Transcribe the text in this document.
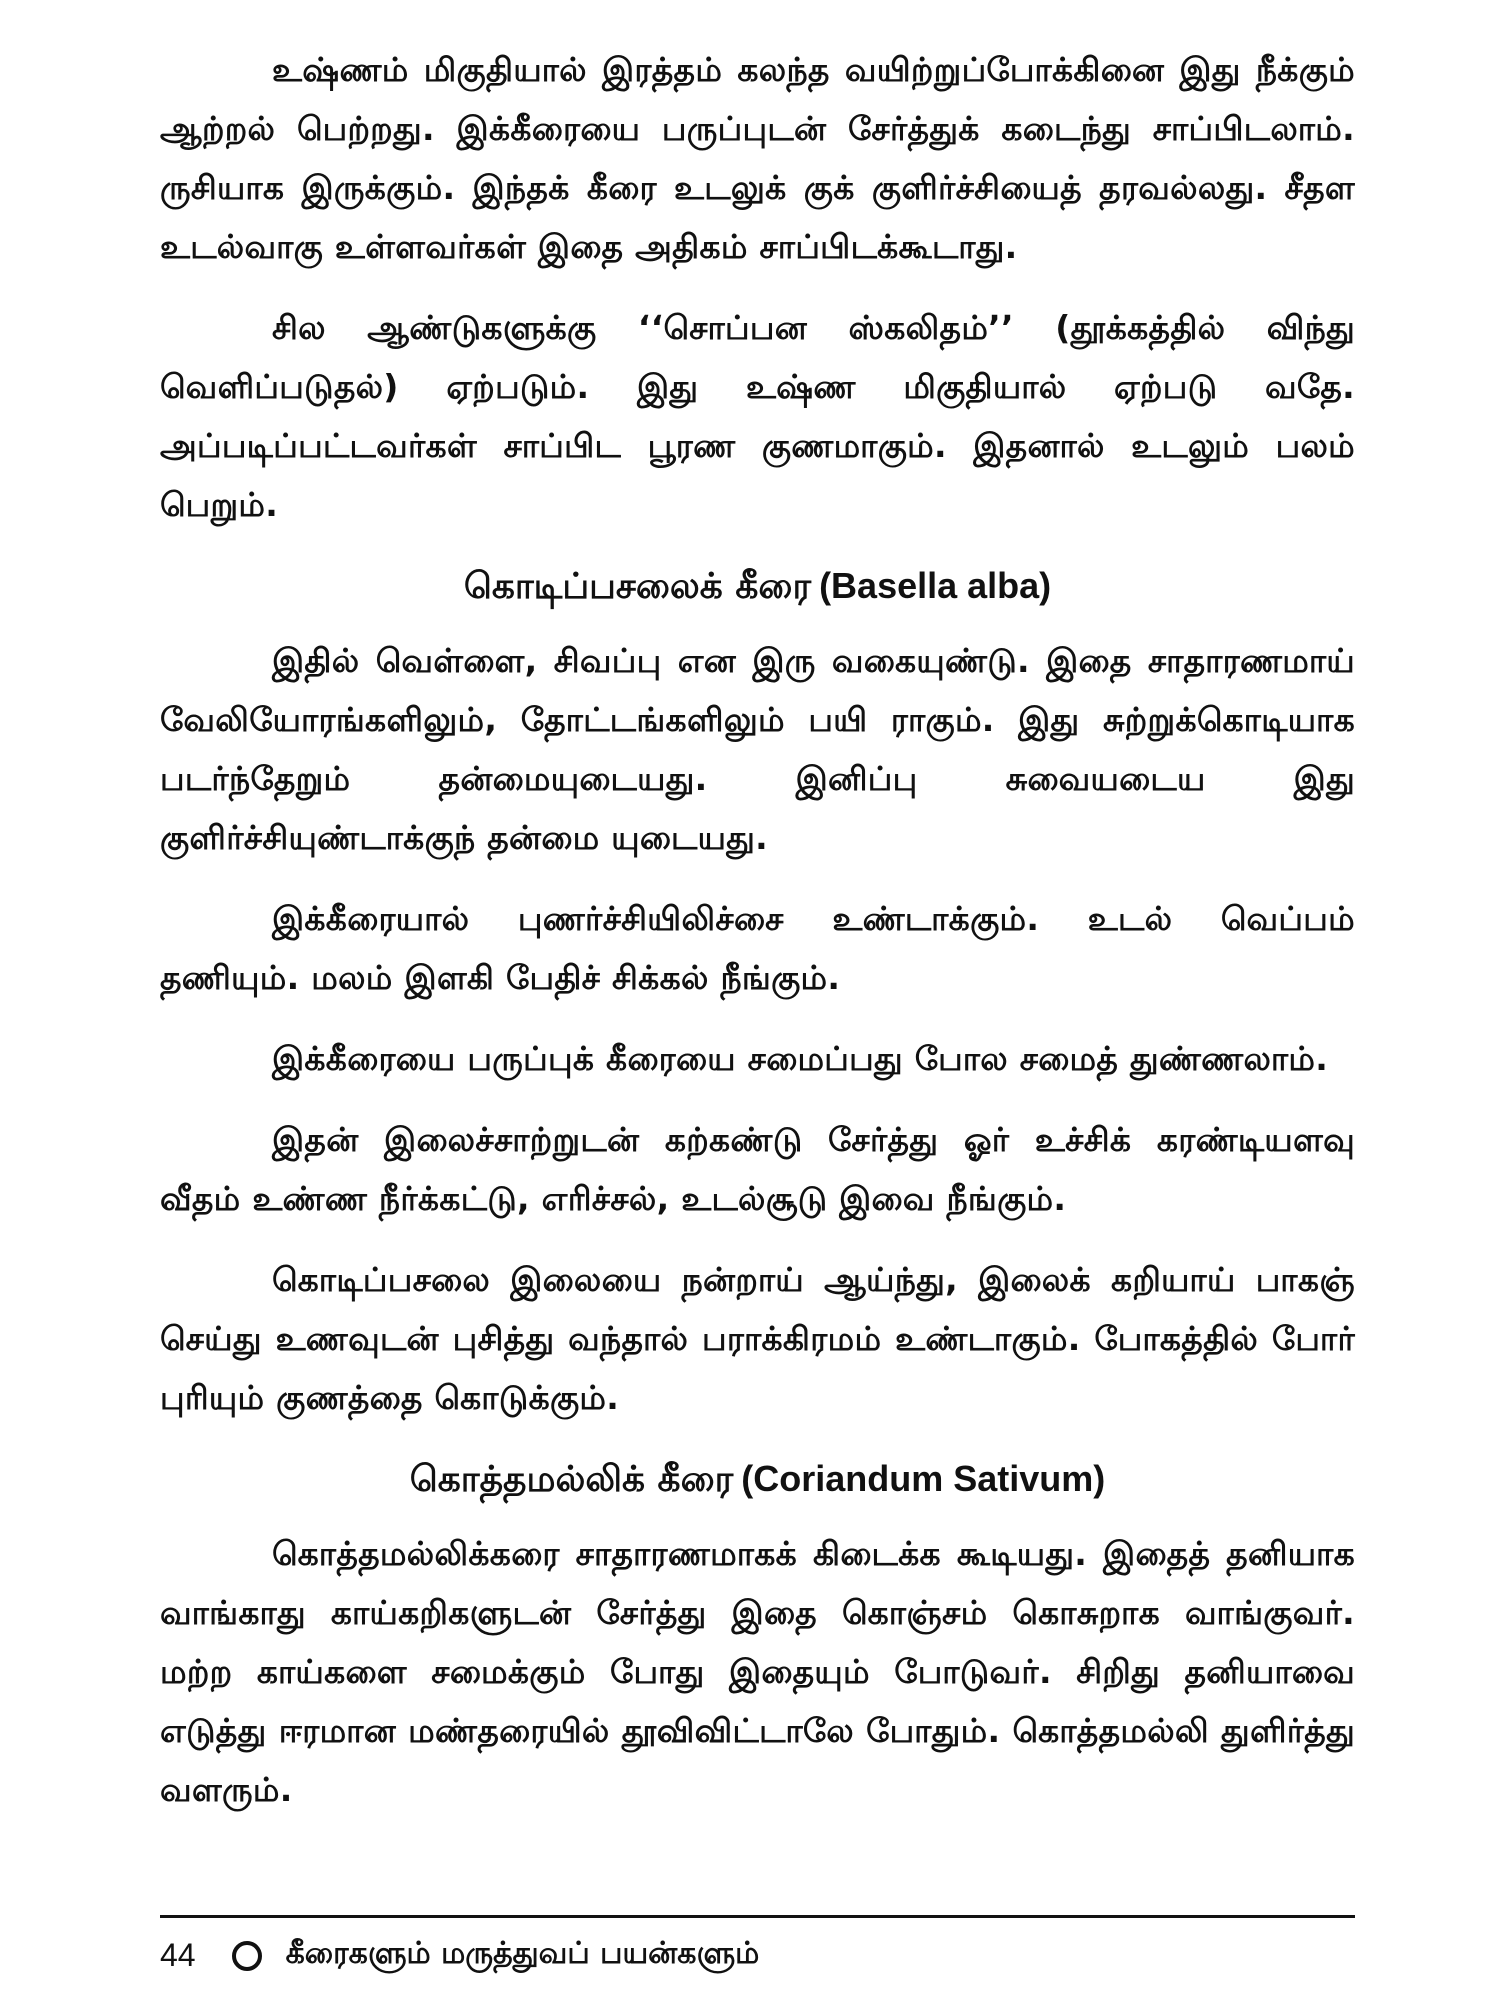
உஷ்ணம் மிகுதியால் இரத்தம் கலந்த வயிற்றுப்போக்கினை இது நீக்கும் ஆற்றல் பெற்றது. இக்கீரையை பருப்புடன் சேர்த்துக் கடைந்து சாப்பிடலாம். ருசியாக இருக்கும். இந்தக் கீரை உடலுக் குக் குளிர்ச்சியைத் தரவல்லது. சீதள உடல்வாகு உள்ளவர்கள் இதை அதிகம் சாப்பிடக்கூடாது.

சில ஆண்டுகளுக்கு ‘‘சொப்பன ஸ்கலிதம்’’ (தூக்கத்தில் விந்து வெளிப்படுதல்) ஏற்படும். இது உஷ்ண மிகுதியால் ஏற்படு வதே. அப்படிப்பட்டவர்கள் சாப்பிட பூரண குணமாகும். இதனால் உடலும் பலம் பெறும்.

கொடிப்பசலைக் கீரை (Basella alba)

இதில் வெள்ளை, சிவப்பு என இரு வகையுண்டு. இதை சாதாரணமாய் வேலியோரங்களிலும், தோட்டங்களிலும் பயி ராகும். இது சுற்றுக்கொடியாக படர்ந்தேறும் தன்மையுடையது. இனிப்பு சுவையடைய இது குளிர்ச்சியுண்டாக்குந் தன்மை யுடையது.

இக்கீரையால் புணர்ச்சியிலிச்சை உண்டாக்கும். உடல் வெப்பம் தணியும். மலம் இளகி பேதிச் சிக்கல் நீங்கும்.

இக்கீரையை பருப்புக் கீரையை சமைப்பது போல சமைத் துண்ணலாம்.

இதன் இலைச்சாற்றுடன் கற்கண்டு சேர்த்து ஓர் உச்சிக் கரண்டியளவு வீதம் உண்ண நீர்க்கட்டு, எரிச்சல், உடல்சூடு இவை நீங்கும்.

கொடிப்பசலை இலையை நன்றாய் ஆய்ந்து, இலைக் கறியாய் பாகஞ் செய்து உணவுடன் புசித்து வந்தால் பராக்கிரமம் உண்டாகும். போகத்தில் போர் புரியும் குணத்தை கொடுக்கும்.

கொத்தமல்லிக் கீரை (Coriandum Sativum)

கொத்தமல்லிக்கரை சாதாரணமாகக் கிடைக்க கூடியது. இதைத் தனியாக வாங்காது காய்கறிகளுடன் சேர்த்து இதை கொஞ்சம் கொசுறாக வாங்குவர். மற்ற காய்களை சமைக்கும் போது இதையும் போடுவர். சிறிது தனியாவை எடுத்து ஈரமான மண்தரையில் தூவிவிட்டாலே போதும். கொத்தமல்லி துளிர்த்து வளரும்.

44	கீரைகளும் மருத்துவப் பயன்களும்
